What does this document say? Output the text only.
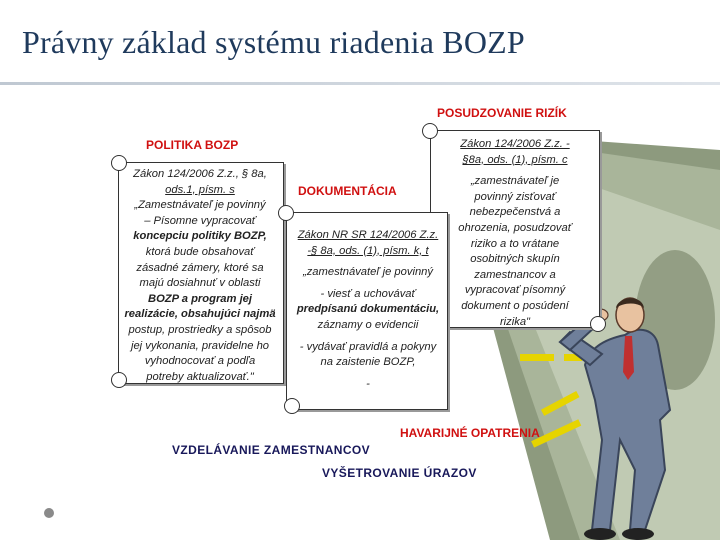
Právny základ systému riadenia BOZP
POSUDZOVANIE RIZÍK
POLITIKA BOZP	Zákon 124/2006 Z.z. -
§8a, ods. (1), písm. c
„zamestnávateľ je
povinný zisťovať
nebezpečenstvá a
ohrozenia, posudzovať
riziko a to vrátane
osobitných skupín
zamestnancov a
vypracovať písomný
dokument o posúdení
rizika"
Zákon 124/2006 Z.z., § 8a,
ods.1, písm. s
„Zamestnávateľ je povinný
– Písomne vypracovať
koncepciu politiky BOZP,
ktorá bude obsahovať
zásadné zámery, ktoré sa
majú dosiahnuť v oblasti
BOZP a program jej
realizácie, obsahujúci najmä
postup, prostriedky a spôsob
jej vykonania, pravidelne ho
vyhodnocovať a podľa
potreby aktualizovať."
DOKUMENTÁCIA
Zákon NR SR 124/2006 Z.z.
-§ 8a, ods. (1), písm. k, t
„zamestnávateľ je povinný
- viesť a uchovávať
predpísanú dokumentáciu,
záznamy o evidencii
- vydávať pravidlá a pokyny
na zaistenie BOZP,
-
HAVARIJNÉ OPATRENIA
VZDELÁVANIE ZAMESTNANCOV
VYŠETROVANIE ÚRAZOV
